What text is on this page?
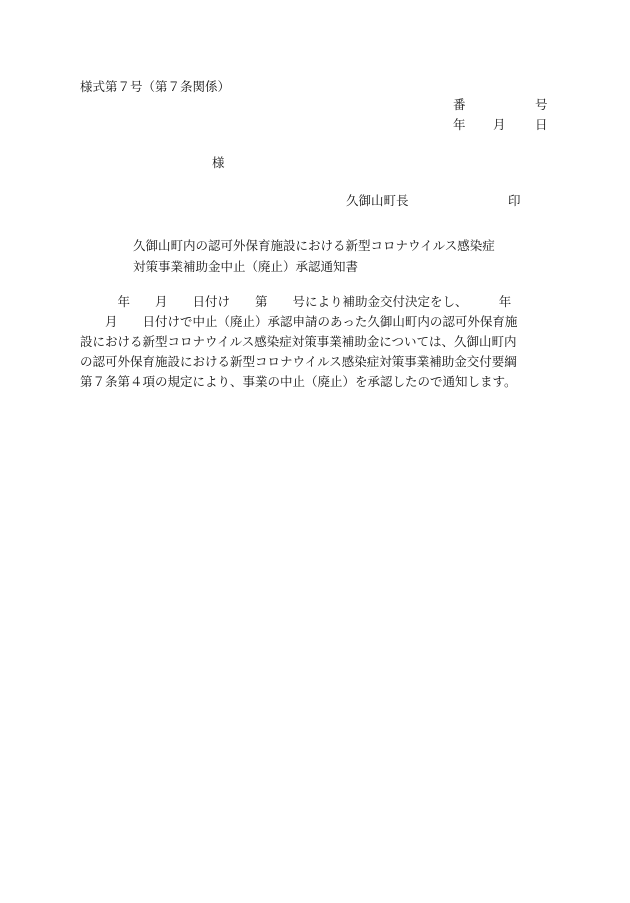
様式第７号（第７条関係）
番	号
年 月 日
様
久御山町長	印
久御山町内の認可外保育施設における新型コロナウイルス感染症
対策事業補助金中止（廃止）承認通知書
　　　年　　月　　日付け　　第　　号により補助金交付決定をし、　　　年
　　月　　日付けで中止（廃止）承認申請のあった久御山町内の認可外保育施
設における新型コロナウイルス感染症対策事業補助金については、久御山町内
の認可外保育施設における新型コロナウイルス感染症対策事業補助金交付要綱
第７条第４項の規定により、事業の中止（廃止）を承認したので通知します。
